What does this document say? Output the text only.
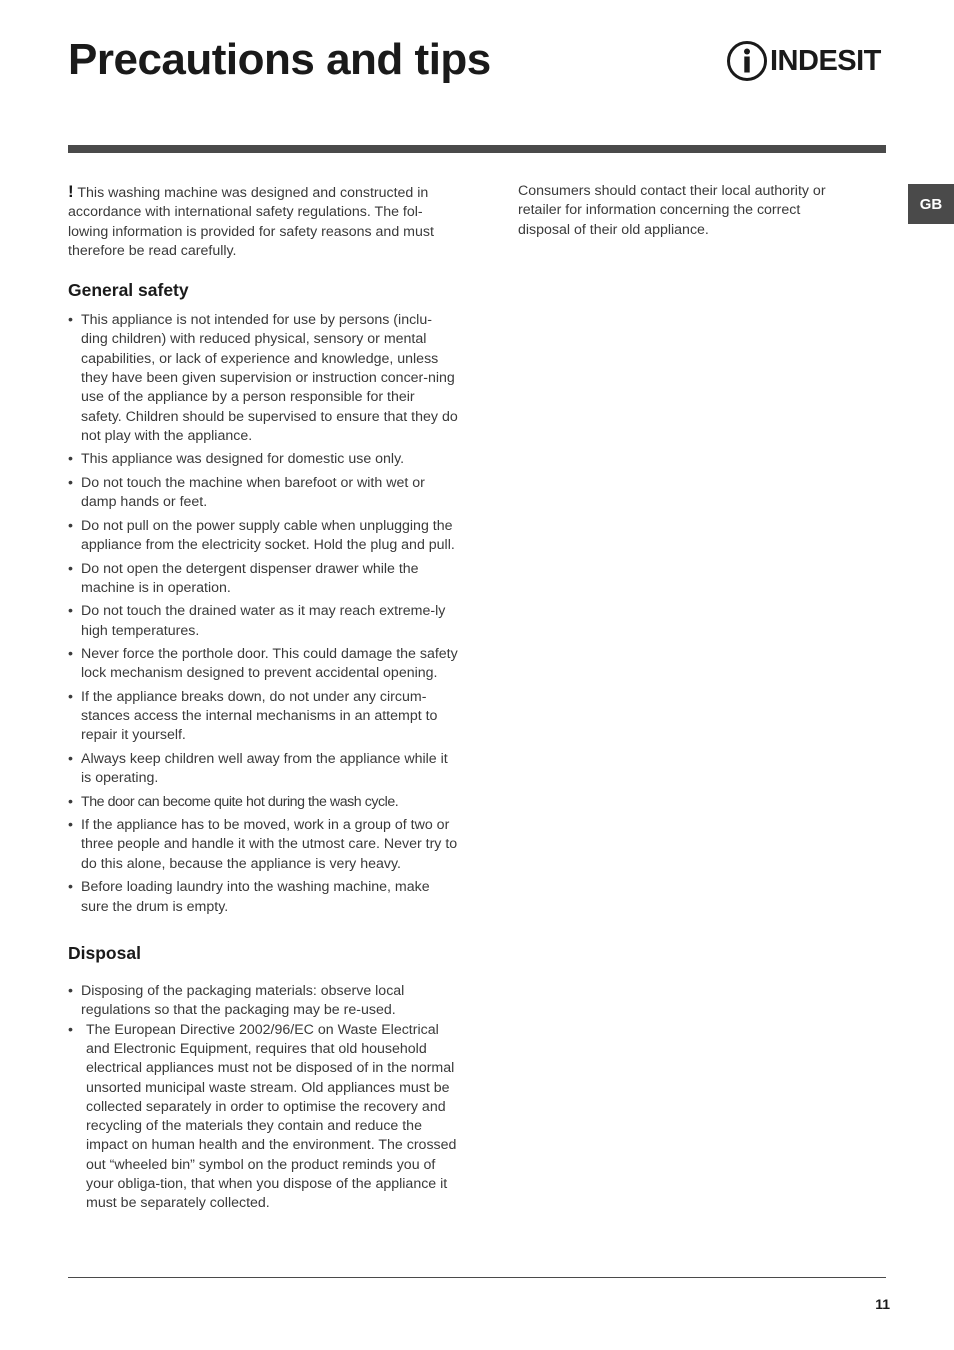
Precautions and tips	INDESIT
GB

! This washing machine was designed and constructed in accordance with international safety regulations. The fol-lowing information is provided for safety reasons and must therefore be read carefully.

General safety
• This appliance is not intended for use by persons (inclu-ding children) with reduced physical, sensory or mental capabilities, or lack of experience and knowledge, unless they have been given supervision or instruction concer-ning use of the appliance by a person responsible for their safety. Children should be supervised to ensure that they do not play with the appliance.
• This appliance was designed for domestic use only.
• Do not touch the machine when barefoot or with wet or damp hands or feet.
• Do not pull on the power supply cable when unplugging the appliance from the electricity socket. Hold the plug and pull.
• Do not open the detergent dispenser drawer while the machine is in operation.
• Do not touch the drained water as it may reach extreme-ly high temperatures.
• Never force the porthole door. This could damage the safety lock mechanism designed to prevent accidental opening.
• If the appliance breaks down, do not under any circum-stances access the internal mechanisms in an attempt to repair it yourself.
• Always keep children well away from the appliance while it is operating.
• The door can become quite hot during the wash cycle.
• If the appliance has to be moved, work in a group of two or three people and handle it with the utmost care. Never try to do this alone, because the appliance is very heavy.
• Before loading laundry into the washing machine, make sure the drum is empty.
Disposal
• Disposing of the packaging materials: observe local regulations so that the packaging may be re-used.
• The European Directive 2002/96/EC on Waste Electrical and Electronic Equipment, requires that old household electrical appliances must not be disposed of in the normal unsorted municipal waste stream. Old appliances must be collected separately in order to optimise the recovery and recycling of the materials they contain and reduce the impact on human health and the environment. The crossed out “wheeled bin” symbol on the product reminds you of your obliga-tion, that when you dispose of the appliance it must be separately collected.

Consumers should contact their local authority or retailer for information concerning the correct disposal of their old appliance.

11
